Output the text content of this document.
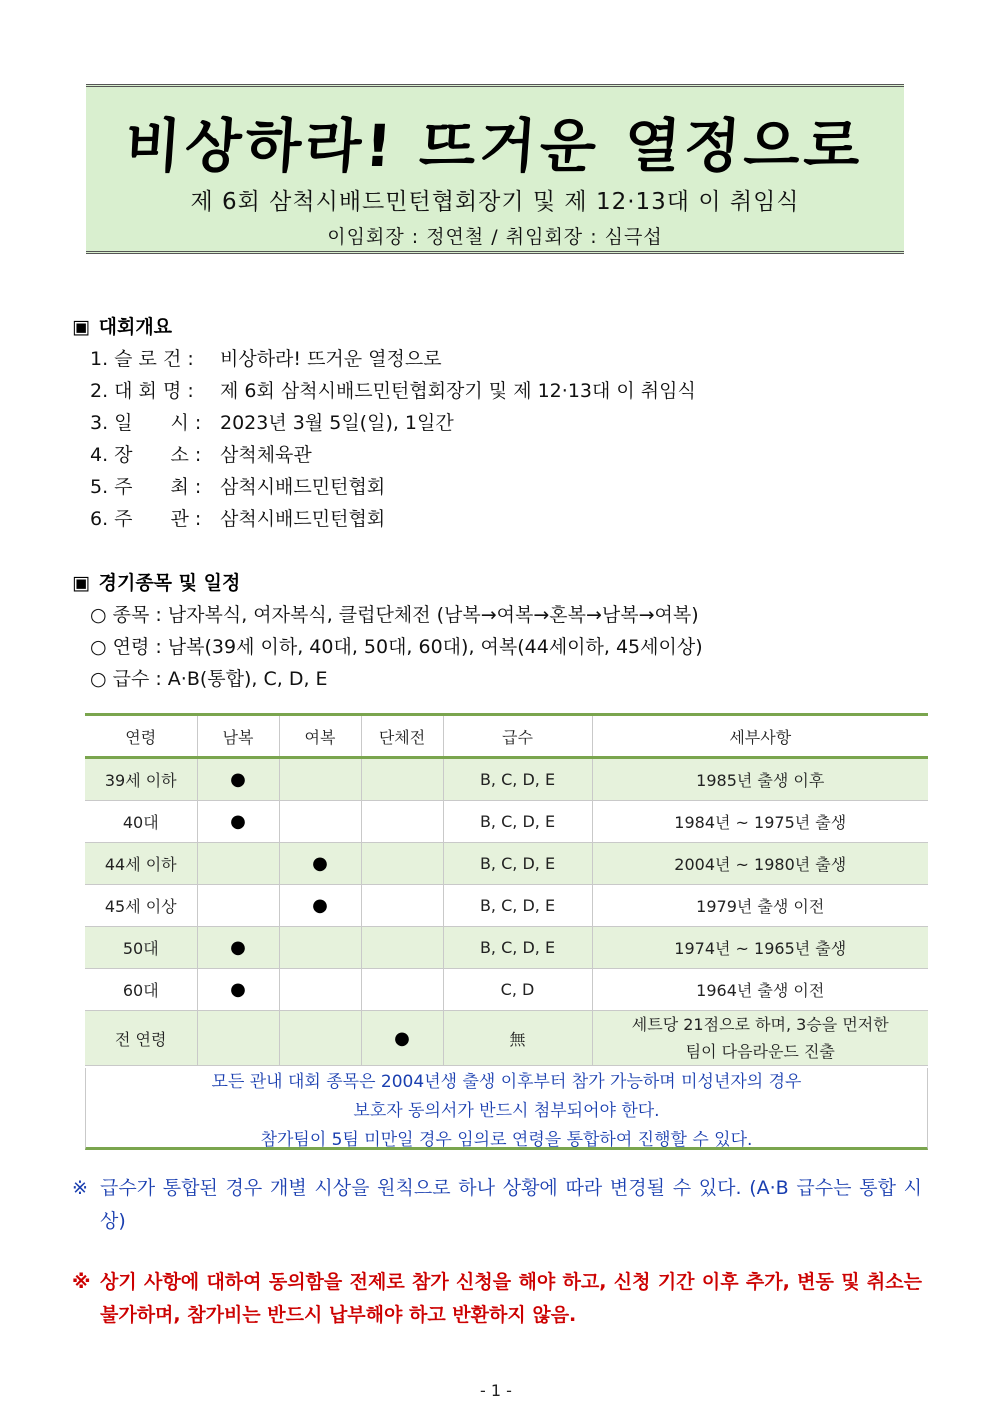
비상하라! 뜨거운 열정으로
제 6회 삼척시배드민턴협회장기 및 제 12·13대 이 취임식
이임회장 : 정연철 / 취임회장 : 심극섭
▣ 대회개요
1. 슬 로 건 : 비상하라! 뜨거운 열정으로
2. 대 회 명 : 제 6회 삼척시배드민턴협회장기 및 제 12·13대 이 취임식
3. 일　　시 : 2023년 3월 5일(일), 1일간
4. 장　　소 : 삼척체육관
5. 주　　최 : 삼척시배드민턴협회
6. 주　　관 : 삼척시배드민턴협회
▣ 경기종목 및 일정
○ 종목 : 남자복식, 여자복식, 클럽단체전 (남복→여복→혼복→남복→여복)
○ 연령 : 남복(39세 이하, 40대, 50대, 60대), 여복(44세이하, 45세이상)
○ 급수 : A·B(통합), C, D, E
연령	남복	여복	단체전	급수	세부사항
39세 이하	●			B, C, D, E	1985년 출생 이후
40대	●			B, C, D, E	1984년 ~ 1975년 출생
44세 이하		●		B, C, D, E	2004년 ~ 1980년 출생
45세 이상		●		B, C, D, E	1979년 출생 이전
50대	●			B, C, D, E	1974년 ~ 1965년 출생
60대	●			C, D	1964년 출생 이전
전 연령			●	無	세트당 21점으로 하며, 3승을 먼저한
팀이 다음라운드 진출
모든 관내 대회 종목은 2004년생 출생 이후부터 참가 가능하며 미성년자의 경우
보호자 동의서가 반드시 첨부되어야 한다.
참가팀이 5팀 미만일 경우 임의로 연령을 통합하여 진행할 수 있다.
※ 급수가 통합된 경우 개별 시상을 원칙으로 하나 상황에 따라 변경될 수 있다. (A·B 급수는 통합 시상)
※ 상기 사항에 대하여 동의함을 전제로 참가 신청을 해야 하고, 신청 기간 이후 추가, 변동 및 취소는 불가하며, 참가비는 반드시 납부해야 하고 반환하지 않음.
- 1 -
